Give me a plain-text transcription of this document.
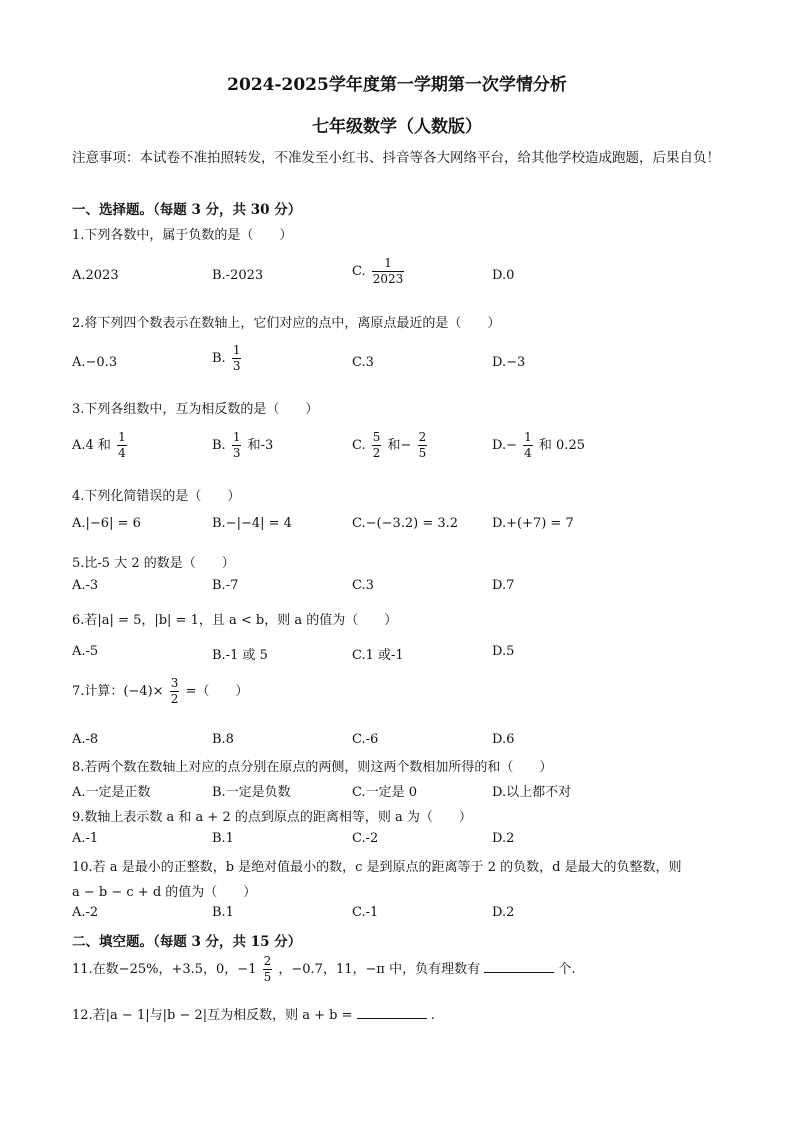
2024-2025学年度第一学期第一次学情分析
七年级数学（人数版）
注意事项：本试卷不准拍照转发，不准发至小红书、抖音等各大网络平台，给其他学校造成跑题，后果自负！
一、选择题。（每题 3 分，共 30 分）
1.下列各数中，属于负数的是（　　）
A.2023	B.-2023	C. $\frac{1}{2023}$	D.0
2.将下列四个数表示在数轴上，它们对应的点中，离原点最近的是（　　）
A.−0.3	B. $\frac{1}{3}$	C.3	D.−3
3.下列各组数中，互为相反数的是（　　）
A.4 和 $\frac{1}{4}$	B. $\frac{1}{3}$ 和-3	C. $\frac{5}{2}$ 和− $\frac{2}{5}$	$D.- \frac{1}{4}$ 和 0.25
4.下列化简错误的是（　　）
A.|−6| = 6	B.−|−4| = 4	C.−(−3.2) = 3.2	D.+(+7) = 7
5.比-5 大 2 的数是（　　）
A.-3	B.-7	C.3	D.7
6.若|a| = 5，|b| = 1，且 a < b，则 a 的值为（　　）
A.-5	B.-1 或 5	C.1 或-1	D.5
7.计算：$(-4)\times \frac{3}{2}$ =（　　）
A.-8	B.8	C.-6	D.6
8.若两个数在数轴上对应的点分别在原点的两侧，则这两个数相加所得的和（　　）
A.一定是正数	B.一定是负数	C.一定是 0	D.以上都不对
9.数轴上表示数 a 和 a + 2 的点到原点的距离相等，则 a 为（　　）
A.-1	B.1	C.-2	D.2
10.若 a 是最小的正整数，b 是绝对值最小的数，c 是到原点的距离等于 2 的负数，d 是最大的负整数，则
a − b − c + d 的值为（　　）
A.-2	B.1	C.-1	D.2
二、填空题。（每题 3 分，共 15 分）
11.在数−25%，+3.5，0，$-1 \frac{2}{5}$ ，−0.7，11，−π 中，负有理数有	个.
12.若|a − 1|与|b − 2|互为相反数，则 a + b =	.
